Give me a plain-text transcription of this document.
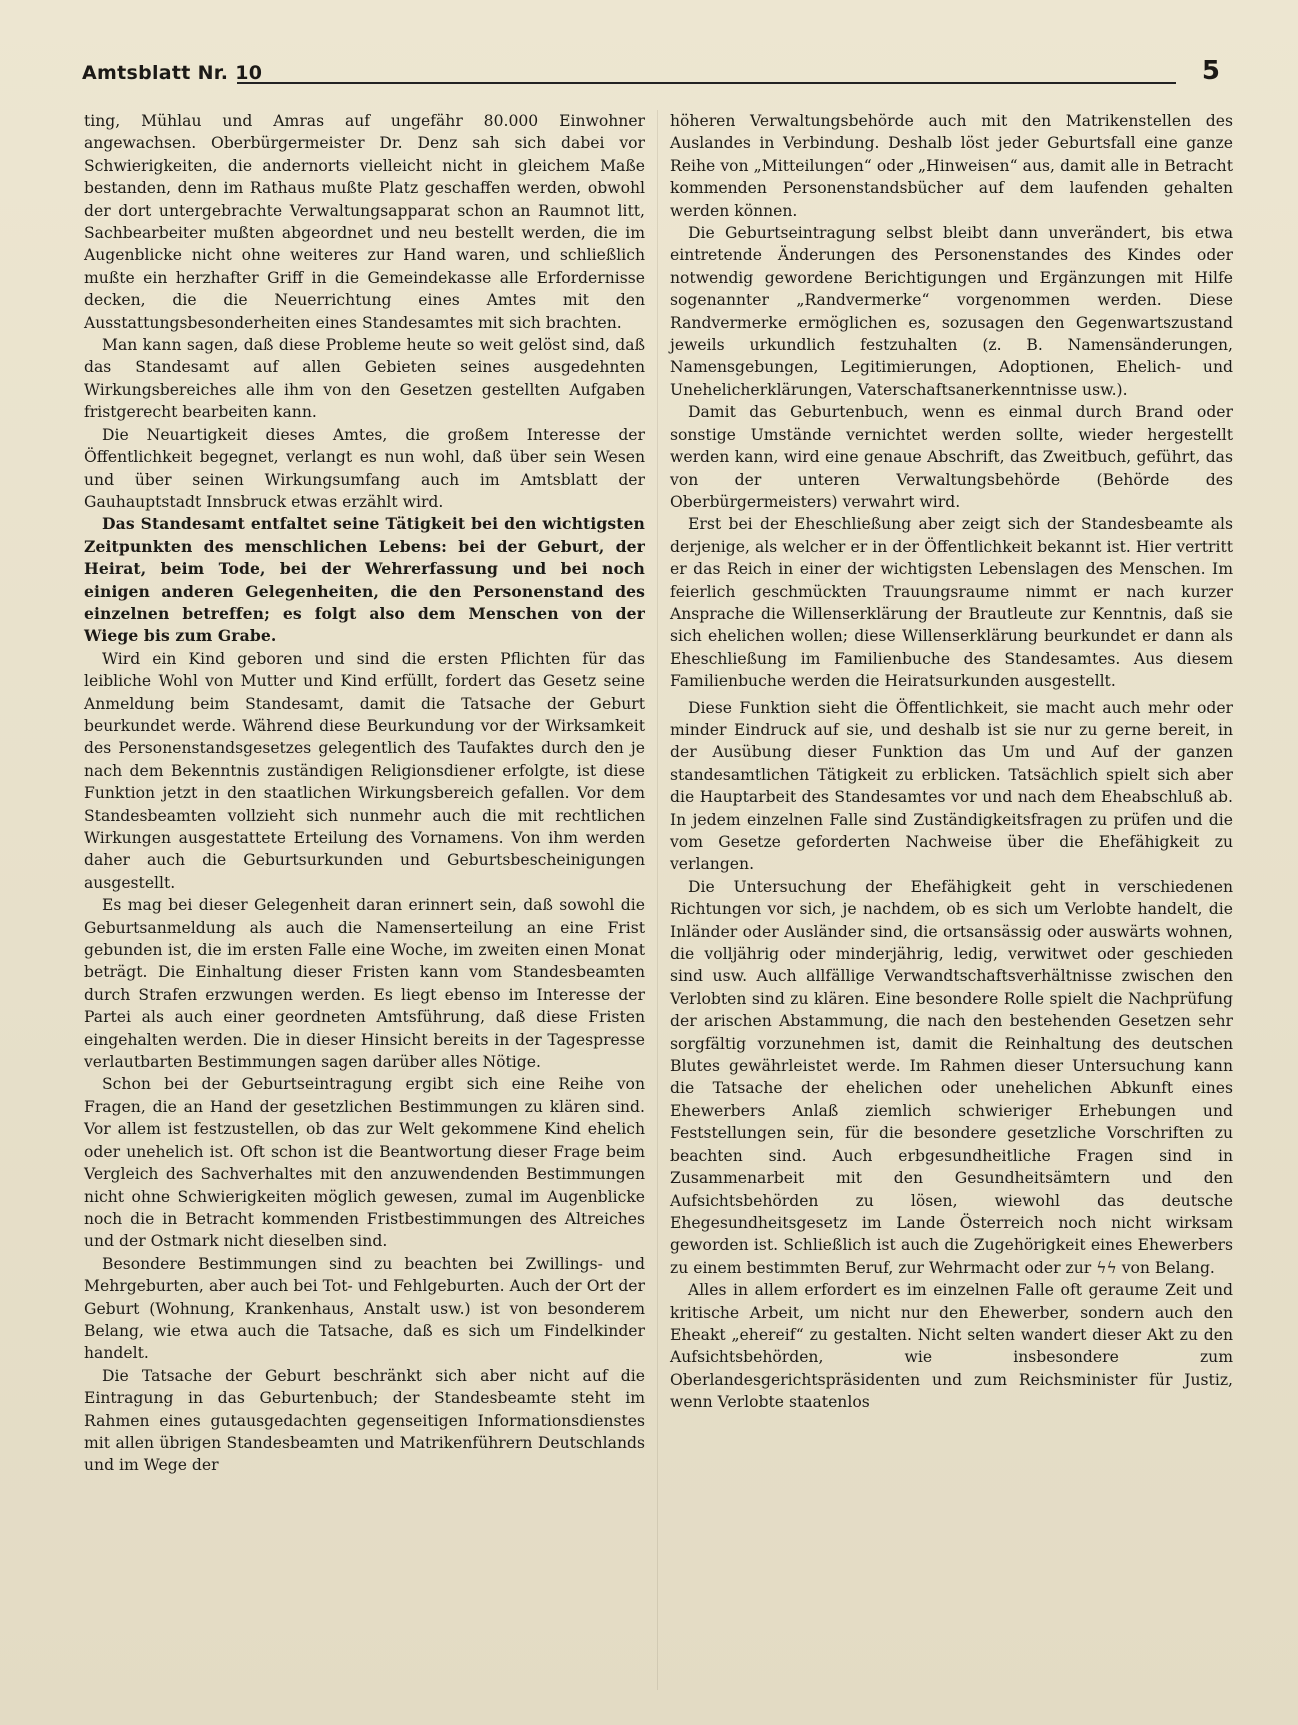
Amtsblatt Nr. 10	5

ting, Mühlau und Amras auf ungefähr 80.000 Einwohner angewachsen. Oberbürgermeister Dr. Denz sah sich dabei vor Schwierigkeiten, die andernorts vielleicht nicht in gleichem Maße bestanden, denn im Rathaus mußte Platz geschaffen werden, obwohl der dort untergebrachte Verwaltungsapparat schon an Raumnot litt, Sachbearbeiter mußten abgeordnet und neu bestellt werden, die im Augenblicke nicht ohne weiteres zur Hand waren, und schließlich mußte ein herzhafter Griff in die Gemeindekasse alle Erfordernisse decken, die die Neuerrichtung eines Amtes mit den Ausstattungsbesonderheiten eines Standesamtes mit sich brachten.

Man kann sagen, daß diese Probleme heute so weit gelöst sind, daß das Standesamt auf allen Gebieten seines ausgedehnten Wirkungsbereiches alle ihm von den Gesetzen gestellten Aufgaben fristgerecht bearbeiten kann.

Die Neuartigkeit dieses Amtes, die großem Interesse der Öffentlichkeit begegnet, verlangt es nun wohl, daß über sein Wesen und über seinen Wirkungsumfang auch im Amtsblatt der Gauhauptstadt Innsbruck etwas erzählt wird.

Das Standesamt entfaltet seine Tätigkeit bei den wichtigsten Zeitpunkten des menschlichen Lebens: bei der Geburt, der Heirat, beim Tode, bei der Wehrerfassung und bei noch einigen anderen Gelegenheiten, die den Personenstand des einzelnen betreffen; es folgt also dem Menschen von der Wiege bis zum Grabe.

Wird ein Kind geboren und sind die ersten Pflichten für das leibliche Wohl von Mutter und Kind erfüllt, fordert das Gesetz seine Anmeldung beim Standesamt, damit die Tatsache der Geburt beurkundet werde. Während diese Beurkundung vor der Wirksamkeit des Personenstandsgesetzes gelegentlich des Taufaktes durch den je nach dem Bekenntnis zuständigen Religionsdiener erfolgte, ist diese Funktion jetzt in den staatlichen Wirkungsbereich gefallen. Vor dem Standesbeamten vollzieht sich nunmehr auch die mit rechtlichen Wirkungen ausgestattete Erteilung des Vornamens. Von ihm werden daher auch die Geburtsurkunden und Geburtsbescheinigungen ausgestellt.

Es mag bei dieser Gelegenheit daran erinnert sein, daß sowohl die Geburtsanmeldung als auch die Namenserteilung an eine Frist gebunden ist, die im ersten Falle eine Woche, im zweiten einen Monat beträgt. Die Einhaltung dieser Fristen kann vom Standesbeamten durch Strafen erzwungen werden. Es liegt ebenso im Interesse der Partei als auch einer geordneten Amtsführung, daß diese Fristen eingehalten werden. Die in dieser Hinsicht bereits in der Tagespresse verlautbarten Bestimmungen sagen darüber alles Nötige.

Schon bei der Geburtseintragung ergibt sich eine Reihe von Fragen, die an Hand der gesetzlichen Bestimmungen zu klären sind. Vor allem ist festzustellen, ob das zur Welt gekommene Kind ehelich oder unehelich ist. Oft schon ist die Beantwortung dieser Frage beim Vergleich des Sachverhaltes mit den anzuwendenden Bestimmungen nicht ohne Schwierigkeiten möglich gewesen, zumal im Augenblicke noch die in Betracht kommenden Fristbestimmungen des Altreiches und der Ostmark nicht dieselben sind.

Besondere Bestimmungen sind zu beachten bei Zwillings- und Mehrgeburten, aber auch bei Tot- und Fehlgeburten. Auch der Ort der Geburt (Wohnung, Krankenhaus, Anstalt usw.) ist von besonderem Belang, wie etwa auch die Tatsache, daß es sich um Findelkinder handelt.

Die Tatsache der Geburt beschränkt sich aber nicht auf die Eintragung in das Geburtenbuch; der Standesbeamte steht im Rahmen eines gutausgedachten gegenseitigen Informationsdienstes mit allen übrigen Standesbeamten und Matrikenführern Deutschlands und im Wege der

höheren Verwaltungsbehörde auch mit den Matrikenstellen des Auslandes in Verbindung. Deshalb löst jeder Geburtsfall eine ganze Reihe von „Mitteilungen“ oder „Hinweisen“ aus, damit alle in Betracht kommenden Personenstandsbücher auf dem laufenden gehalten werden können.

Die Geburtseintragung selbst bleibt dann unverändert, bis etwa eintretende Änderungen des Personenstandes des Kindes oder notwendig gewordene Berichtigungen und Ergänzungen mit Hilfe sogenannter „Randvermerke“ vorgenommen werden. Diese Randvermerke ermöglichen es, sozusagen den Gegenwartszustand jeweils urkundlich festzuhalten (z. B. Namensänderungen, Namensgebungen, Legitimierungen, Adoptionen, Ehelich- und Unehelicherklärungen, Vaterschaftsanerkenntnisse usw.).

Damit das Geburtenbuch, wenn es einmal durch Brand oder sonstige Umstände vernichtet werden sollte, wieder hergestellt werden kann, wird eine genaue Abschrift, das Zweitbuch, geführt, das von der unteren Verwaltungsbehörde (Behörde des Oberbürgermeisters) verwahrt wird.

Erst bei der Eheschließung aber zeigt sich der Standesbeamte als derjenige, als welcher er in der Öffentlichkeit bekannt ist. Hier vertritt er das Reich in einer der wichtigsten Lebenslagen des Menschen. Im feierlich geschmückten Trauungsraume nimmt er nach kurzer Ansprache die Willenserklärung der Brautleute zur Kenntnis, daß sie sich ehelichen wollen; diese Willenserklärung beurkundet er dann als Eheschließung im Familienbuche des Standesamtes. Aus diesem Familienbuche werden die Heiratsurkunden ausgestellt.

Diese Funktion sieht die Öffentlichkeit, sie macht auch mehr oder minder Eindruck auf sie, und deshalb ist sie nur zu gerne bereit, in der Ausübung dieser Funktion das Um und Auf der ganzen standesamtlichen Tätigkeit zu erblicken. Tatsächlich spielt sich aber die Hauptarbeit des Standesamtes vor und nach dem Eheabschluß ab. In jedem einzelnen Falle sind Zuständigkeitsfragen zu prüfen und die vom Gesetze geforderten Nachweise über die Ehefähigkeit zu verlangen.

Die Untersuchung der Ehefähigkeit geht in verschiedenen Richtungen vor sich, je nachdem, ob es sich um Verlobte handelt, die Inländer oder Ausländer sind, die ortsansässig oder auswärts wohnen, die volljährig oder minderjährig, ledig, verwitwet oder geschieden sind usw. Auch allfällige Verwandtschaftsverhältnisse zwischen den Verlobten sind zu klären. Eine besondere Rolle spielt die Nachprüfung der arischen Abstammung, die nach den bestehenden Gesetzen sehr sorgfältig vorzunehmen ist, damit die Reinhaltung des deutschen Blutes gewährleistet werde. Im Rahmen dieser Untersuchung kann die Tatsache der ehelichen oder unehelichen Abkunft eines Ehewerbers Anlaß ziemlich schwieriger Erhebungen und Feststellungen sein, für die besondere gesetzliche Vorschriften zu beachten sind. Auch erbgesundheitliche Fragen sind in Zusammenarbeit mit den Gesundheitsämtern und den Aufsichtsbehörden zu lösen, wiewohl das deutsche Ehegesundheitsgesetz im Lande Österreich noch nicht wirksam geworden ist. Schließlich ist auch die Zugehörigkeit eines Ehewerbers zu einem bestimmten Beruf, zur Wehrmacht oder zur ϟϟ von Belang.

Alles in allem erfordert es im einzelnen Falle oft geraume Zeit und kritische Arbeit, um nicht nur den Ehewerber, sondern auch den Eheakt „ehereif“ zu gestalten. Nicht selten wandert dieser Akt zu den Aufsichtsbehörden, wie insbesondere zum Oberlandesgerichtspräsidenten und zum Reichsminister für Justiz, wenn Verlobte staatenlos
